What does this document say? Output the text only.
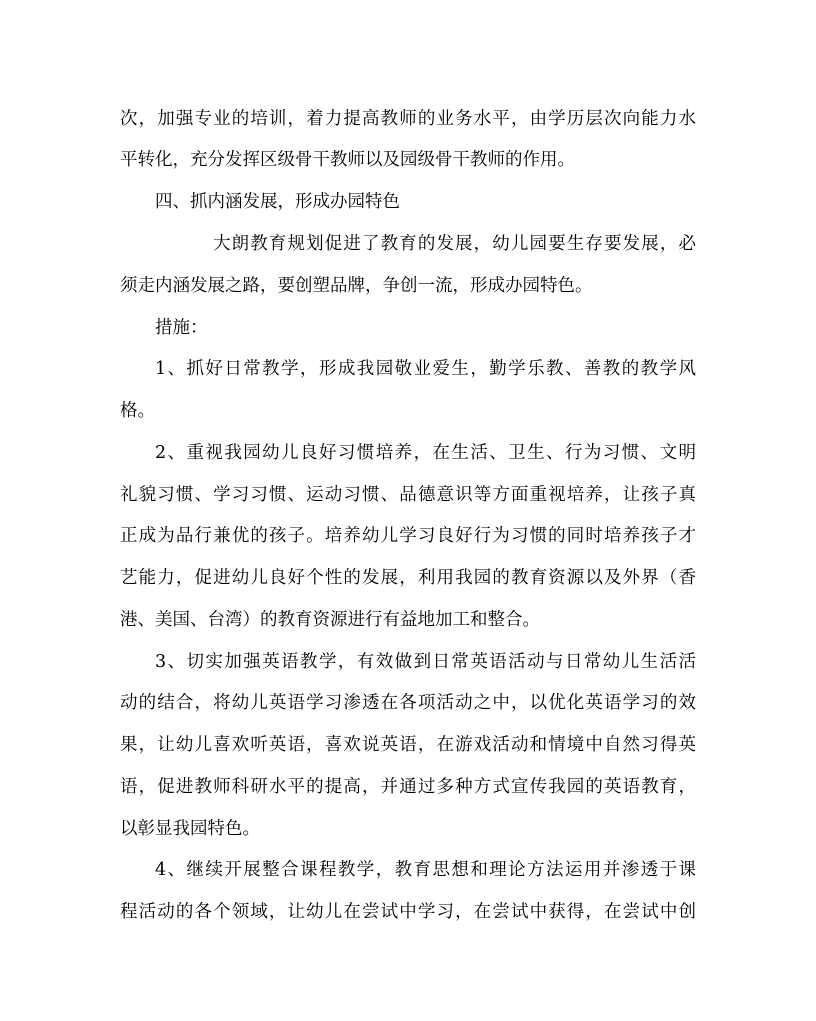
次，加强专业的培训，着力提高教师的业务水平，由学历层次向能力水
平转化，充分发挥区级骨干教师以及园级骨干教师的作用。
四、抓内涵发展，形成办园特色
大朗教育规划促进了教育的发展，幼儿园要生存要发展，必
须走内涵发展之路，要创塑品牌，争创一流，形成办园特色。
措施：
1、抓好日常教学，形成我园敬业爱生，勤学乐教、善教的教学风
格。
2、重视我园幼儿良好习惯培养，在生活、卫生、行为习惯、文明
礼貌习惯、学习习惯、运动习惯、品德意识等方面重视培养，让孩子真
正成为品行兼优的孩子。培养幼儿学习良好行为习惯的同时培养孩子才
艺能力，促进幼儿良好个性的发展，利用我园的教育资源以及外界（香
港、美国、台湾）的教育资源进行有益地加工和整合。
3、切实加强英语教学，有效做到日常英语活动与日常幼儿生活活
动的结合，将幼儿英语学习渗透在各项活动之中，以优化英语学习的效
果，让幼儿喜欢听英语，喜欢说英语，在游戏活动和情境中自然习得英
语，促进教师科研水平的提高，并通过多种方式宣传我园的英语教育，
以彰显我园特色。
4、继续开展整合课程教学，教育思想和理论方法运用并渗透于课
程活动的各个领域，让幼儿在尝试中学习，在尝试中获得，在尝试中创
